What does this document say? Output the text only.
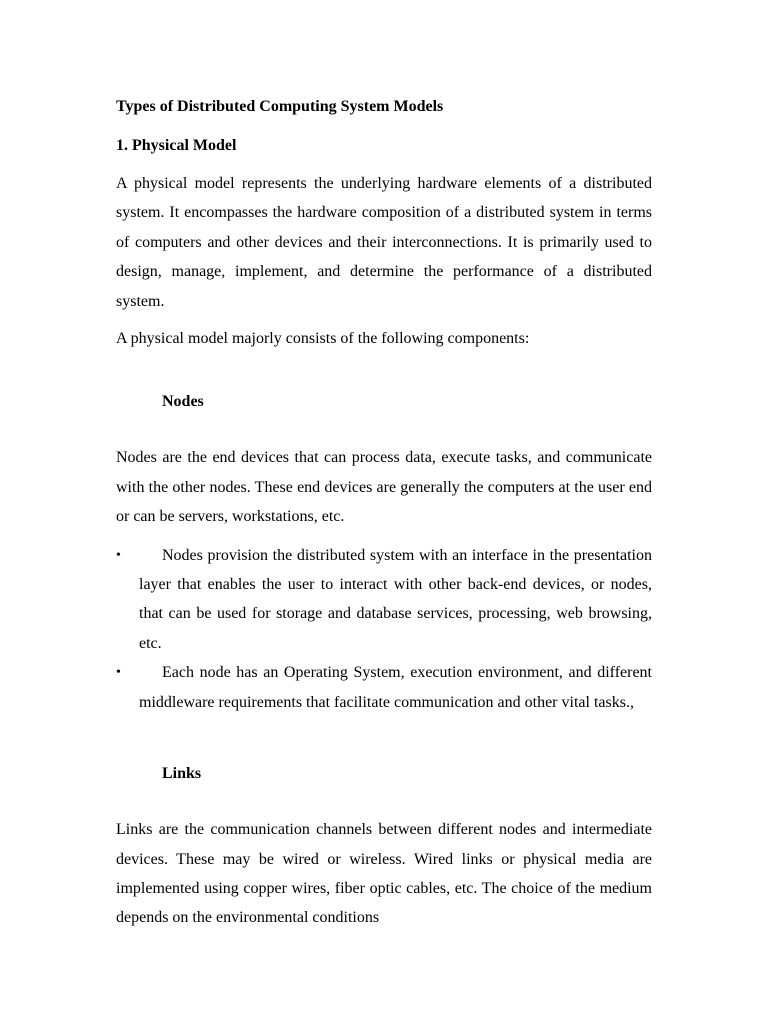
Types of Distributed Computing System Models

1. Physical Model

A physical model represents the underlying hardware elements of a distributed system. It encompasses the hardware composition of a distributed system in terms of computers and other devices and their interconnections. It is primarily used to design, manage, implement, and determine the performance of a distributed system.

A physical model majorly consists of the following components:

Nodes

Nodes are the end devices that can process data, execute tasks, and communicate with the other nodes. These end devices are generally the computers at the user end or can be servers, workstations, etc.

•	Nodes provision the distributed system with an interface in the presentation layer that enables the user to interact with other back-end devices, or nodes, that can be used for storage and database services, processing, web browsing, etc.
•	Each node has an Operating System, execution environment, and different middleware requirements that facilitate communication and other vital tasks.,

Links

Links are the communication channels between different nodes and intermediate devices. These may be wired or wireless. Wired links or physical media are implemented using copper wires, fiber optic cables, etc. The choice of the medium depends on the environmental conditions
